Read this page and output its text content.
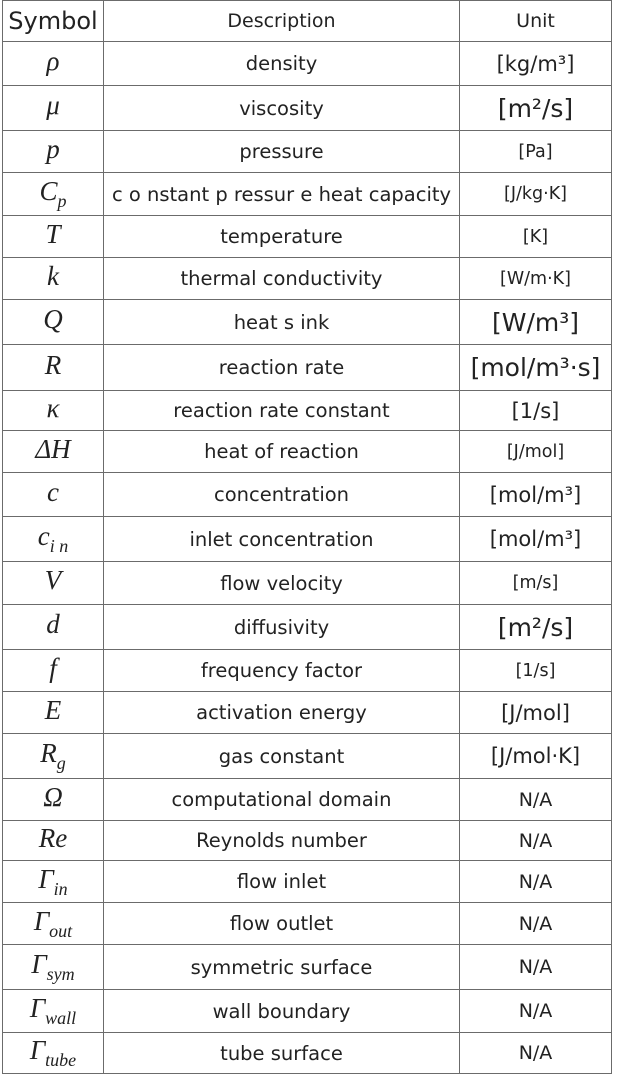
Symbol	Description	Unit
ρ	density	[kg/m³]
μ	viscosity	[m²/s]
p	pressure	[Pa]
$C_p$	c o nstant p ressur e heat capacity	[J/kg·K]
T	temperature	[K]
k	thermal conductivity	[W/m·K]
Q	heat s ink	[W/m³]
R	reaction rate	[mol/m³·s]
κ	reaction rate constant	[1/s]
ΔH	heat of reaction	[J/mol]
c	concentration	[mol/m³]
$c_{i n}$	inlet concentration	[mol/m³]
V	flow velocity	[m/s]
d	diffusivity	[m²/s]
f	frequency factor	[1/s]
E	activation energy	[J/mol]
$R_g$	gas constant	[J/mol·K]
Ω	computational domain	N/A
Re	Reynolds number	N/A
$\Gamma_{in}$	flow inlet	N/A
$\Gamma_{out}$	flow outlet	N/A
$\Gamma_{sym}$	symmetric surface	N/A
$\Gamma_{wall}$	wall boundary	N/A
$\Gamma_{tube}$	tube surface	N/A
